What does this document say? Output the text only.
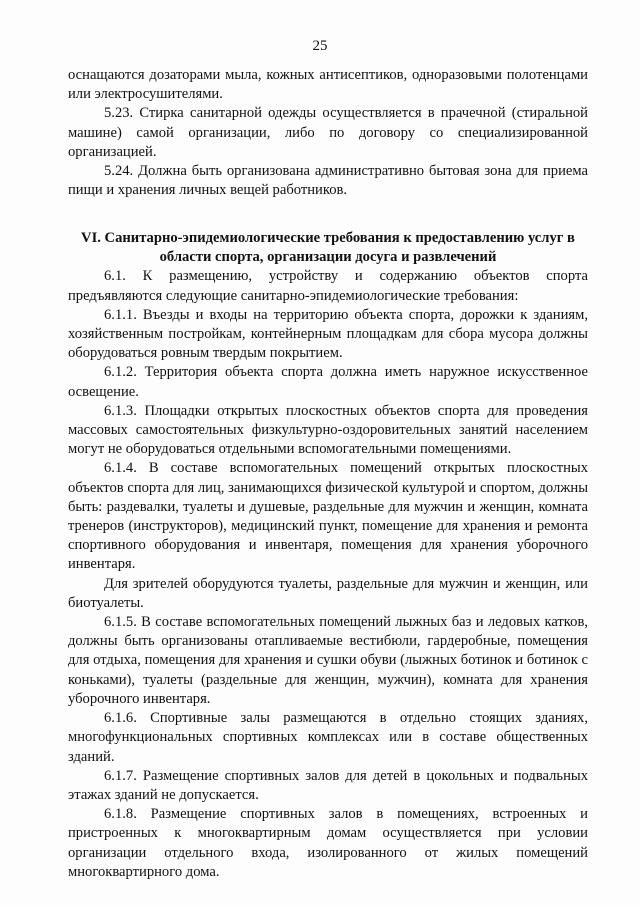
25

оснащаются дозаторами мыла, кожных антисептиков, одноразовыми полотенцами или электросушителями.

5.23. Стирка санитарной одежды осуществляется в прачечной (стиральной машине) самой организации, либо по договору со специализированной организацией.

5.24. Должна быть организована административно бытовая зона для приема пищи и хранения личных вещей работников.

VI. Санитарно-эпидемиологические требования к предоставлению услуг в области спорта, организации досуга и развлечений

6.1. К размещению, устройству и содержанию объектов спорта предъявляются следующие санитарно-эпидемиологические требования:

6.1.1. Въезды и входы на территорию объекта спорта, дорожки к зданиям, хозяйственным постройкам, контейнерным площадкам для сбора мусора должны оборудоваться ровным твердым покрытием.

6.1.2. Территория объекта спорта должна иметь наружное искусственное освещение.

6.1.3. Площадки открытых плоскостных объектов спорта для проведения массовых самостоятельных физкультурно-оздоровительных занятий населением могут не оборудоваться отдельными вспомогательными помещениями.

6.1.4. В составе вспомогательных помещений открытых плоскостных объектов спорта для лиц, занимающихся физической культурой и спортом, должны быть: раздевалки, туалеты и душевые, раздельные для мужчин и женщин, комната тренеров (инструкторов), медицинский пункт, помещение для хранения и ремонта спортивного оборудования и инвентаря, помещения для хранения уборочного инвентаря.

Для зрителей оборудуются туалеты, раздельные для мужчин и женщин, или биотуалеты.

6.1.5. В составе вспомогательных помещений лыжных баз и ледовых катков, должны быть организованы отапливаемые вестибюли, гардеробные, помещения для отдыха, помещения для хранения и сушки обуви (лыжных ботинок и ботинок с коньками), туалеты (раздельные для женщин, мужчин), комната для хранения уборочного инвентаря.

6.1.6. Спортивные залы размещаются в отдельно стоящих зданиях, многофункциональных спортивных комплексах или в составе общественных зданий.

6.1.7. Размещение спортивных залов для детей в цокольных и подвальных этажах зданий не допускается.

6.1.8. Размещение спортивных залов в помещениях, встроенных и пристроенных к многоквартирным домам осуществляется при условии организации отдельного входа, изолированного от жилых помещений многоквартирного дома.
